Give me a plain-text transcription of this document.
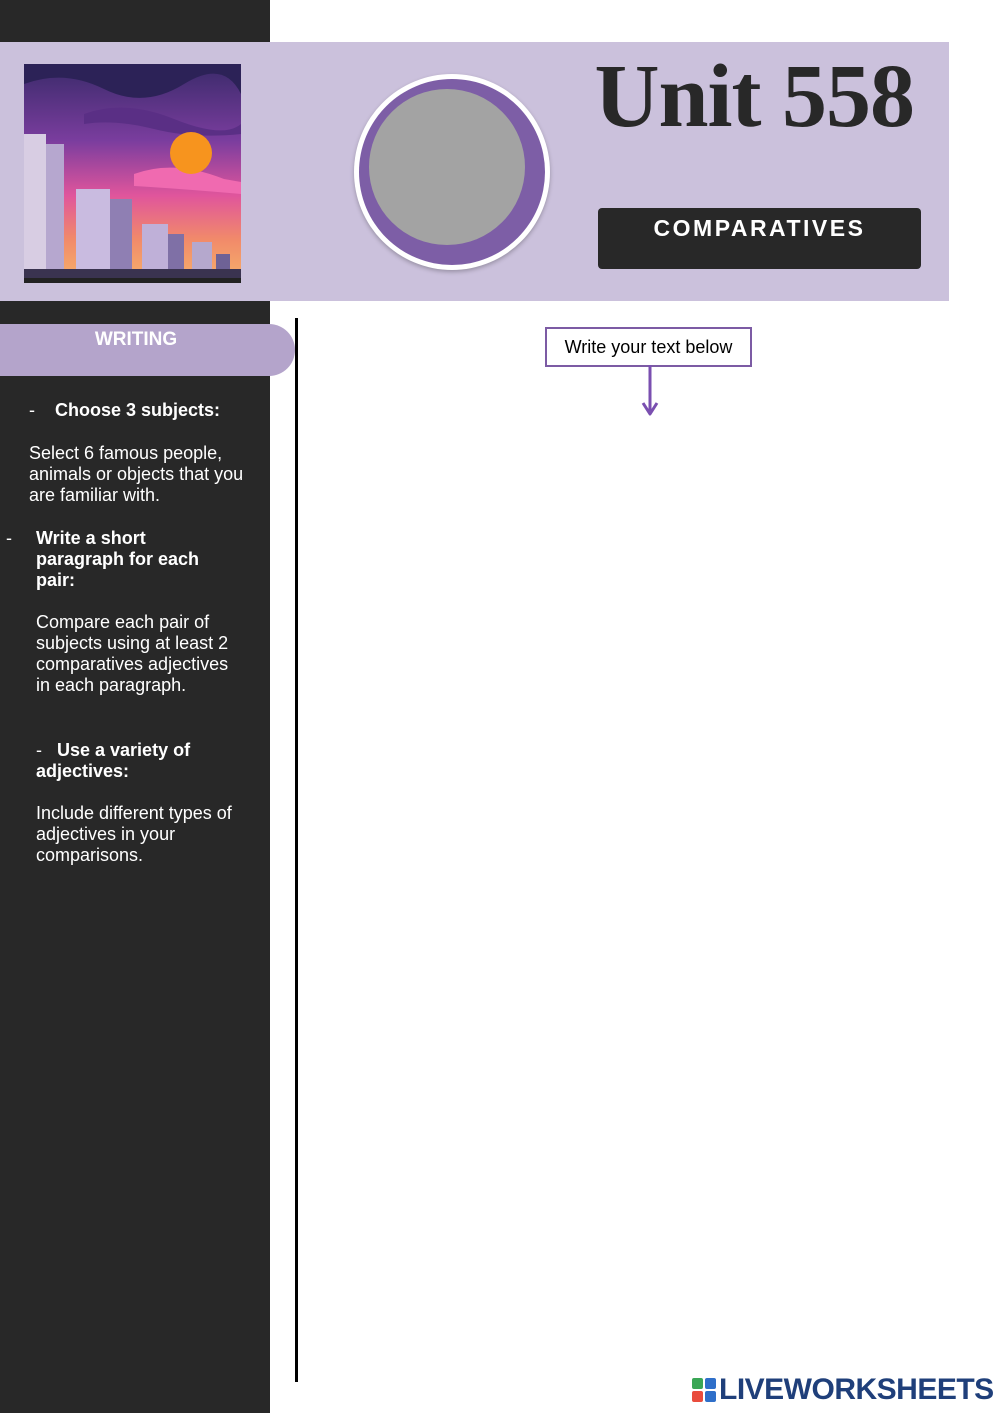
Unit 558
COMPARATIVES
WRITING
- Choose 3 subjects:
Select 6 famous people, animals or objects that you are familiar with.
-	Write a short paragraph for each pair:
Compare each pair of subjects using at least 2 comparatives adjectives in each paragraph.
- Use a variety of adjectives:
Include different types of adjectives in your comparisons.
Write your text below
LIVEWORKSHEETS
